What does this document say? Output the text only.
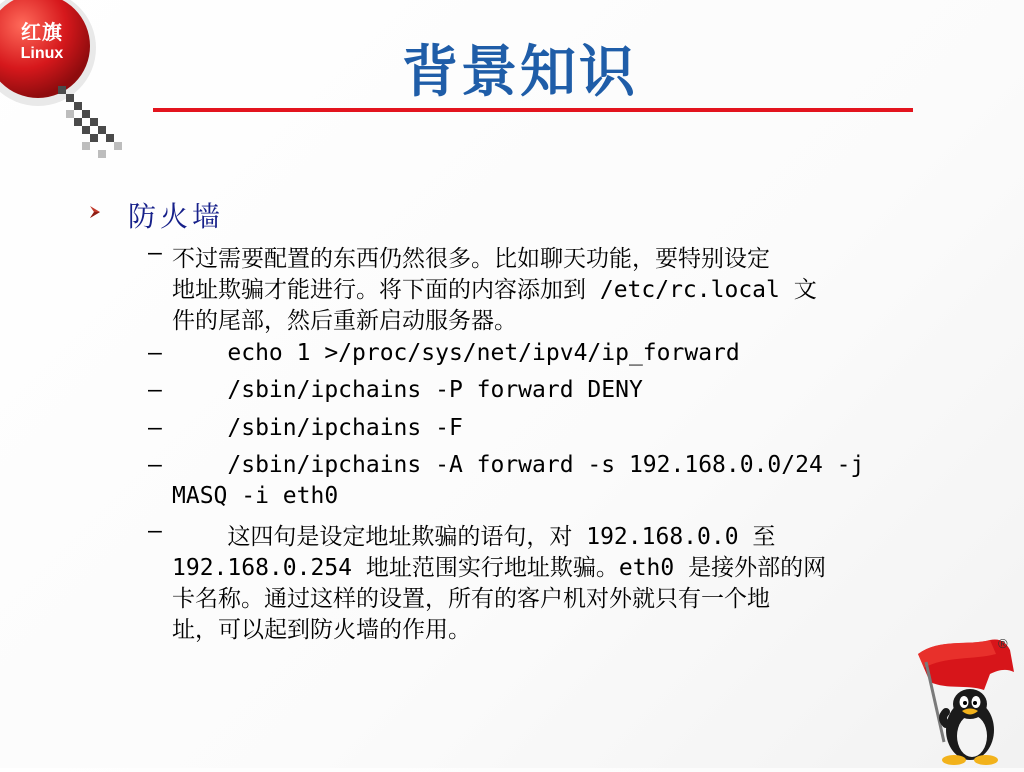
红旗
Linux	背景知识
防火墙
– 不过需要配置的东西仍然很多。比如聊天功能，要特别设定
地址欺骗才能进行。将下面的内容添加到 /etc/rc.local 文
件的尾部，然后重新启动服务器。
– echo 1 >/proc/sys/net/ipv4/ip_forward
– /sbin/ipchains -P forward DENY
– /sbin/ipchains -F
– /sbin/ipchains -A forward -s 192.168.0.0/24 -j
MASQ -i eth0
– 这四句是设定地址欺骗的语句，对 192.168.0.0 至
192.168.0.254 地址范围实行地址欺骗。eth0 是接外部的网
卡名称。通过这样的设置，所有的客户机对外就只有一个地
址，可以起到防火墙的作用。
®
